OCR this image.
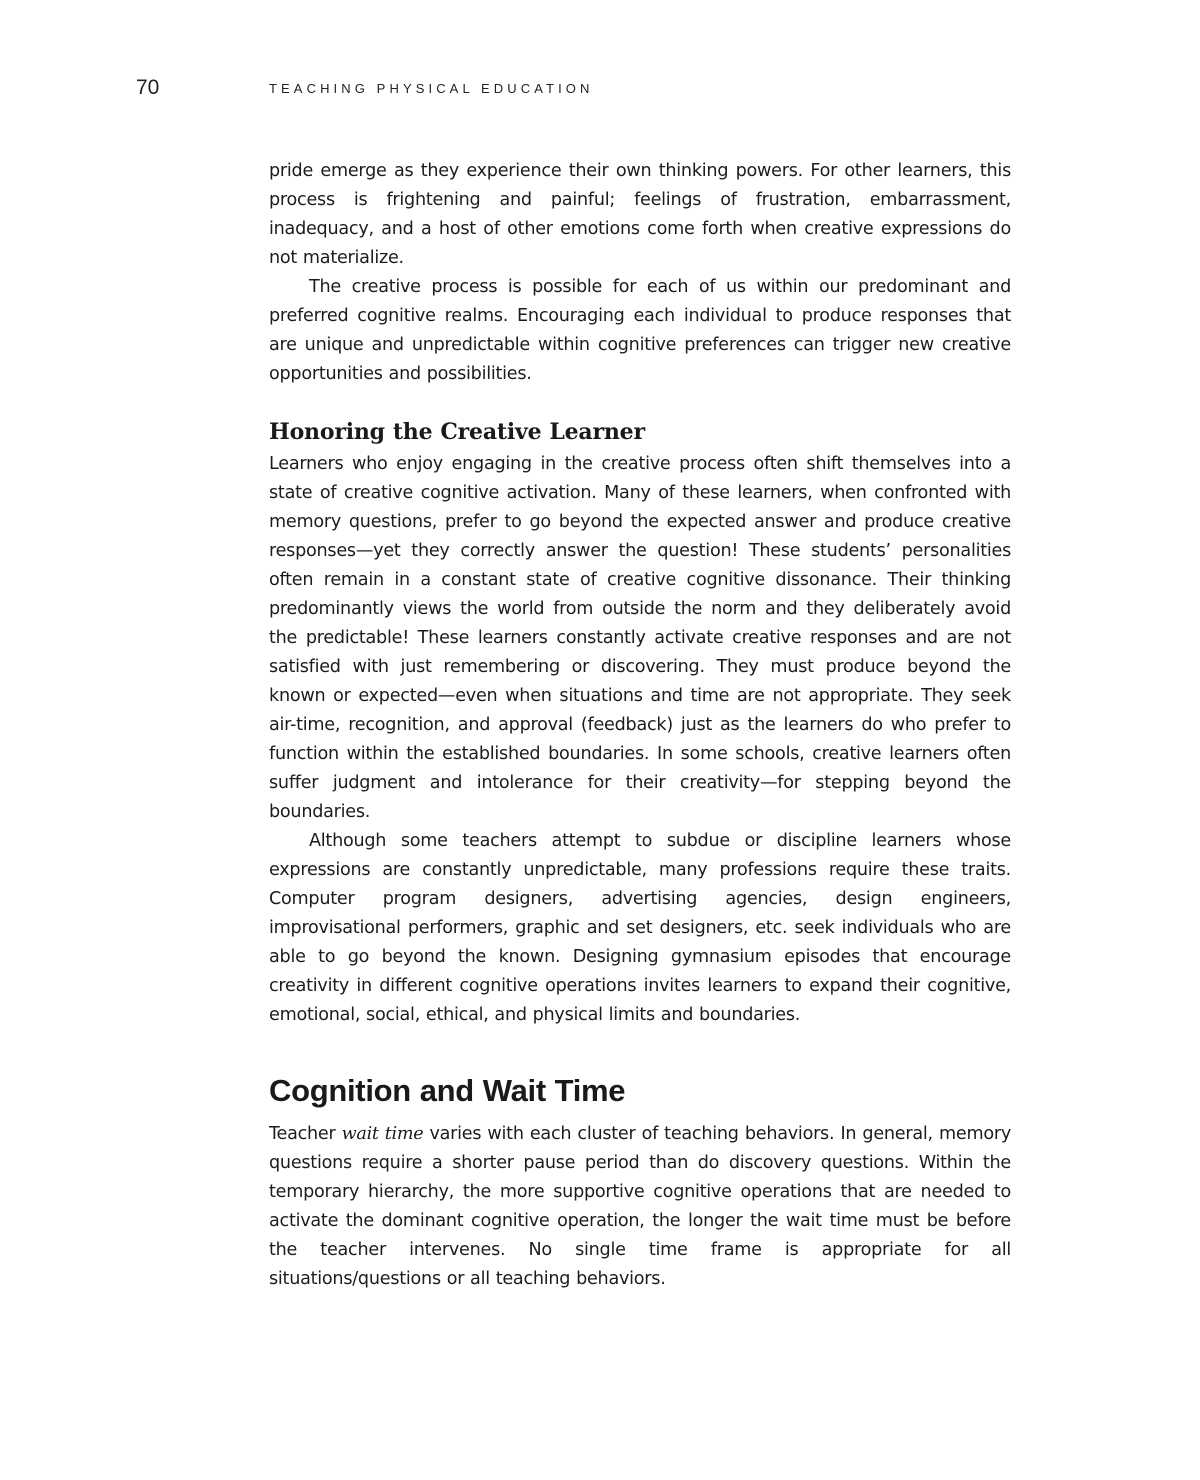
70	TEACHING PHYSICAL EDUCATION

pride emerge as they experience their own thinking powers. For other learners, this process is frightening and painful; feelings of frustration, embarrassment, inadequacy, and a host of other emotions come forth when creative expressions do not materialize.

The creative process is possible for each of us within our predominant and preferred cognitive realms. Encouraging each individual to produce responses that are unique and unpredictable within cognitive preferences can trigger new creative opportunities and possibilities.

Honoring the Creative Learner

Learners who enjoy engaging in the creative process often shift themselves into a state of creative cognitive activation. Many of these learners, when confronted with memory questions, prefer to go beyond the expected answer and produce creative responses—yet they correctly answer the question! These students’ personalities often remain in a constant state of creative cognitive dissonance. Their thinking predominantly views the world from outside the norm and they deliberately avoid the predictable! These learners constantly activate creative responses and are not satisfied with just remembering or discovering. They must produce beyond the known or expected—even when situations and time are not appropriate. They seek air-time, recognition, and approval (feedback) just as the learners do who prefer to function within the established boundaries. In some schools, creative learners often suffer judgment and intolerance for their creativity—for stepping beyond the boundaries.

Although some teachers attempt to subdue or discipline learners whose expressions are constantly unpredictable, many professions require these traits. Computer program designers, advertising agencies, design engineers, improvisational performers, graphic and set designers, etc. seek individuals who are able to go beyond the known. Designing gymnasium episodes that encourage creativity in different cognitive operations invites learners to expand their cognitive, emotional, social, ethical, and physical limits and boundaries.

Cognition and Wait Time

Teacher wait time varies with each cluster of teaching behaviors. In general, memory questions require a shorter pause period than do discovery questions. Within the temporary hierarchy, the more supportive cognitive operations that are needed to activate the dominant cognitive operation, the longer the wait time must be before the teacher intervenes. No single time frame is appropriate for all situations/questions or all teaching behaviors.
